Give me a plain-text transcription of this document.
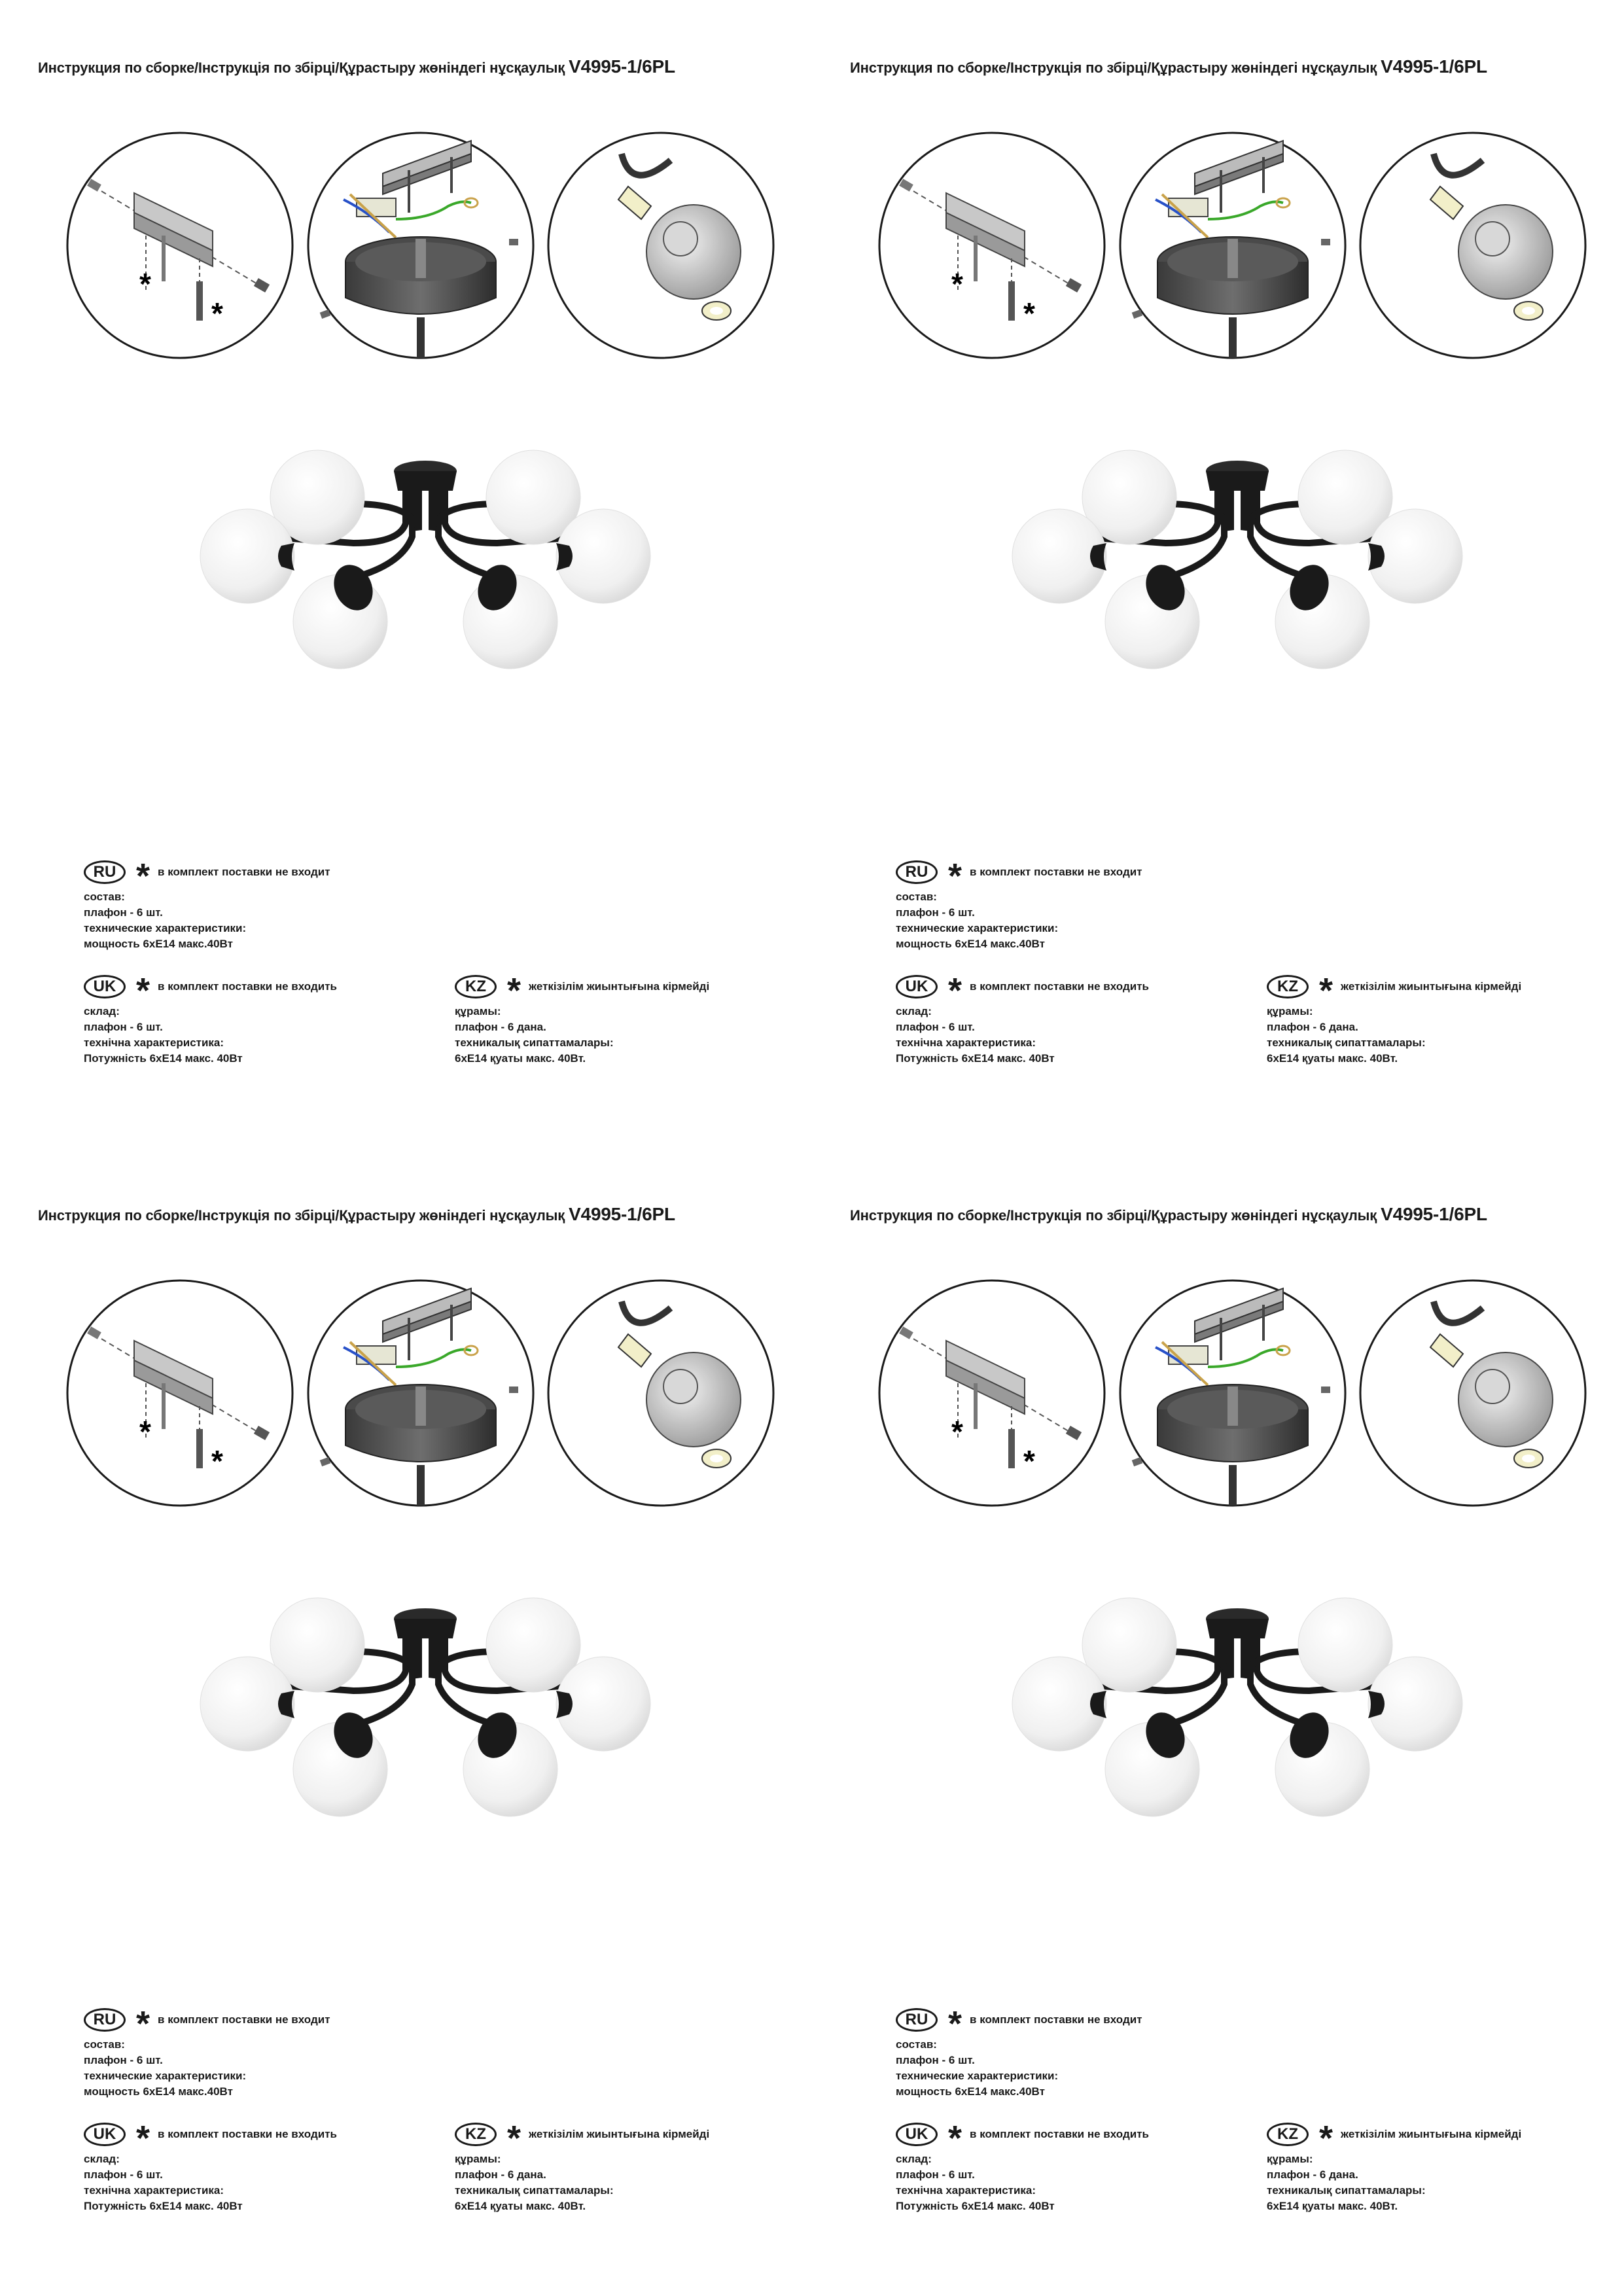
Инструкция по сборке/Інструкція по збірці/Құрастыру жөніндегі нұсқаулық V4995-1/6PL
*
*
RU * в комплект поставки не входит
состав:
плафон - 6 шт.
технические характеристики:
мощность 6хЕ14 макс.40Вт
UK * в комплект поставки не входить
склад:
плафон - 6 шт.
технічна характеристика:
Потужність 6хЕ14 макс. 40Вт
KZ * жеткізілім жиынтығына кірмейді
құрамы:
плафон - 6 дана.
техникалық сипаттамалары:
6хЕ14 қуаты макс. 40Вт.
Инструкция по сборке/Інструкція по збірці/Құрастыру жөніндегі нұсқаулық V4995-1/6PL
*
*
RU * в комплект поставки не входит
состав:
плафон - 6 шт.
технические характеристики:
мощность 6хЕ14 макс.40Вт
UK * в комплект поставки не входить
склад:
плафон - 6 шт.
технічна характеристика:
Потужність 6хЕ14 макс. 40Вт
KZ * жеткізілім жиынтығына кірмейді
құрамы:
плафон - 6 дана.
техникалық сипаттамалары:
6хЕ14 қуаты макс. 40Вт.
Инструкция по сборке/Інструкція по збірці/Құрастыру жөніндегі нұсқаулық V4995-1/6PL
*
*
RU * в комплект поставки не входит
состав:
плафон - 6 шт.
технические характеристики:
мощность 6хЕ14 макс.40Вт
UK * в комплект поставки не входить
склад:
плафон - 6 шт.
технічна характеристика:
Потужність 6хЕ14 макс. 40Вт
KZ * жеткізілім жиынтығына кірмейді
құрамы:
плафон - 6 дана.
техникалық сипаттамалары:
6хЕ14 қуаты макс. 40Вт.
Инструкция по сборке/Інструкція по збірці/Құрастыру жөніндегі нұсқаулық V4995-1/6PL
*
*
RU * в комплект поставки не входит
состав:
плафон - 6 шт.
технические характеристики:
мощность 6хЕ14 макс.40Вт
UK * в комплект поставки не входить
склад:
плафон - 6 шт.
технічна характеристика:
Потужність 6хЕ14 макс. 40Вт
KZ * жеткізілім жиынтығына кірмейді
құрамы:
плафон - 6 дана.
техникалық сипаттамалары:
6хЕ14 қуаты макс. 40Вт.
